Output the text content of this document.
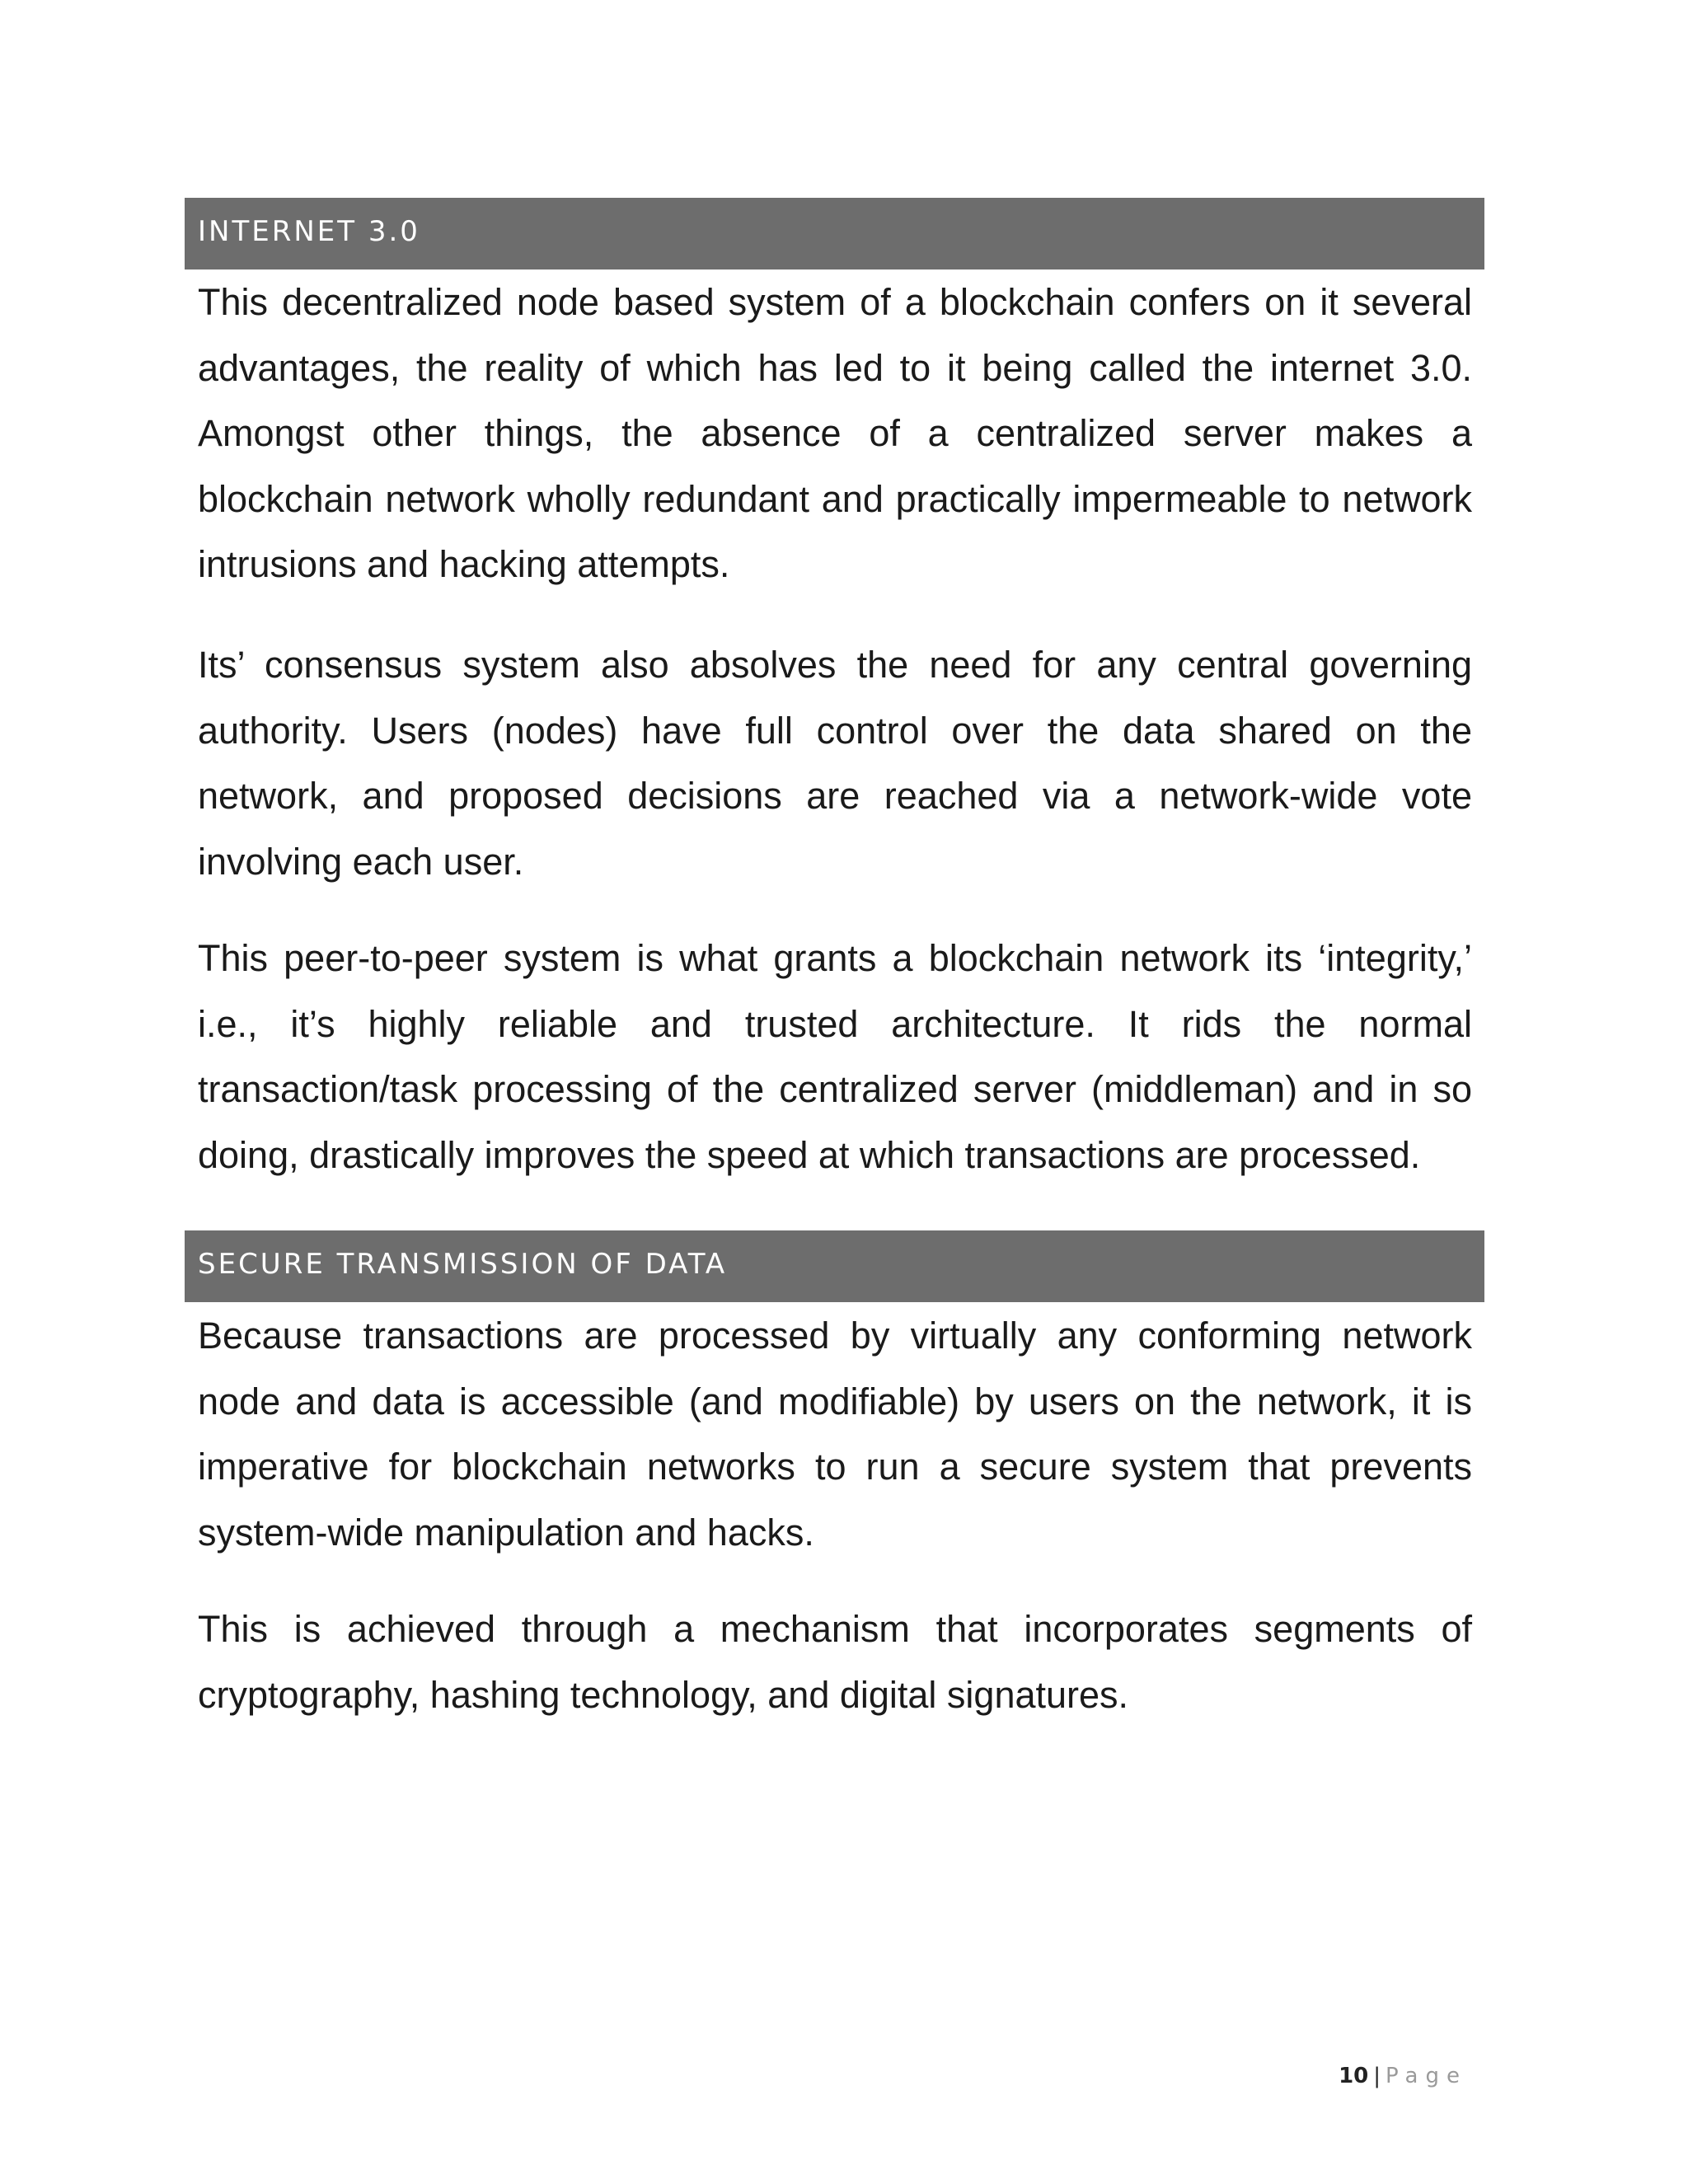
INTERNET 3.0

This decentralized node based system of a blockchain confers on it several advantages, the reality of which has led to it being called the internet 3.0. Amongst other things, the absence of a centralized server makes a blockchain network wholly redundant and practically impermeable to network intrusions and hacking attempts.

Its’ consensus system also absolves the need for any central governing authority. Users (nodes) have full control over the data shared on the network, and proposed decisions are reached via a network-wide vote involving each user.

This peer-to-peer system is what grants a blockchain network its ‘integrity,’ i.e., it’s highly reliable and trusted architecture. It rids the normal transaction/task processing of the centralized server (middleman) and in so doing, drastically improves the speed at which transactions are processed.

SECURE TRANSMISSION OF DATA

Because transactions are processed by virtually any conforming network node and data is accessible (and modifiable) by users on the network, it is imperative for blockchain networks to run a secure system that prevents system-wide manipulation and hacks.

This is achieved through a mechanism that incorporates segments of cryptography, hashing technology, and digital signatures.

10 | Page
